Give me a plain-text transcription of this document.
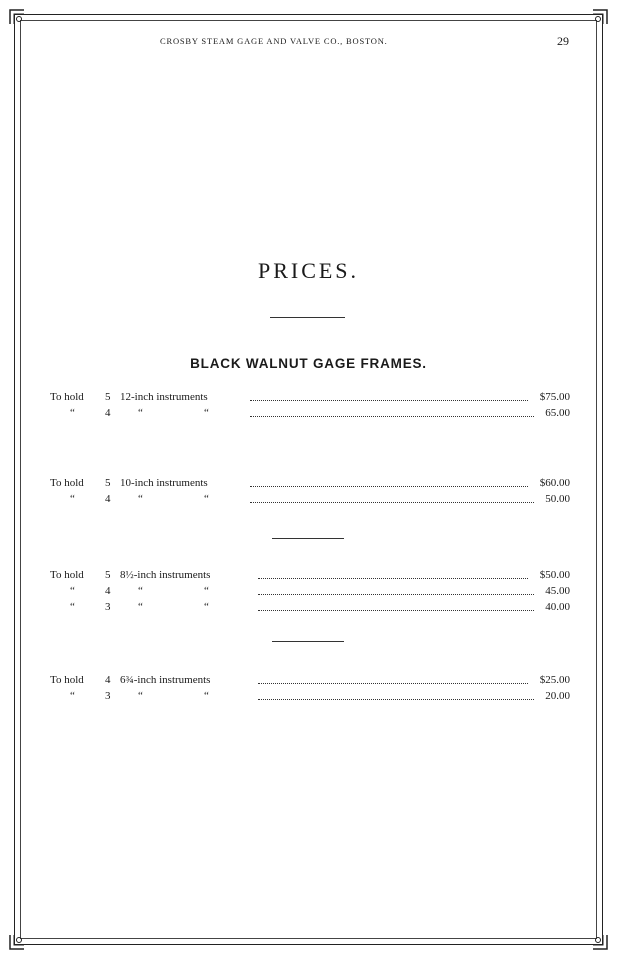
CROSBY STEAM GAGE AND VALVE CO., BOSTON.	29
PRICES.
BLACK WALNUT GAGE FRAMES.
To hold 5 12-inch instruments	$75.00
“	4	“	“	65.00
To hold 5 10-inch instruments	$60.00
“	4	“	“	50.00
To hold 5 8½-inch instruments	$50.00
“	4	“	“	45.00
“	3	“	“	40.00
To hold 4 6¾-inch instruments	$25.00
“	3	“	“	20.00
